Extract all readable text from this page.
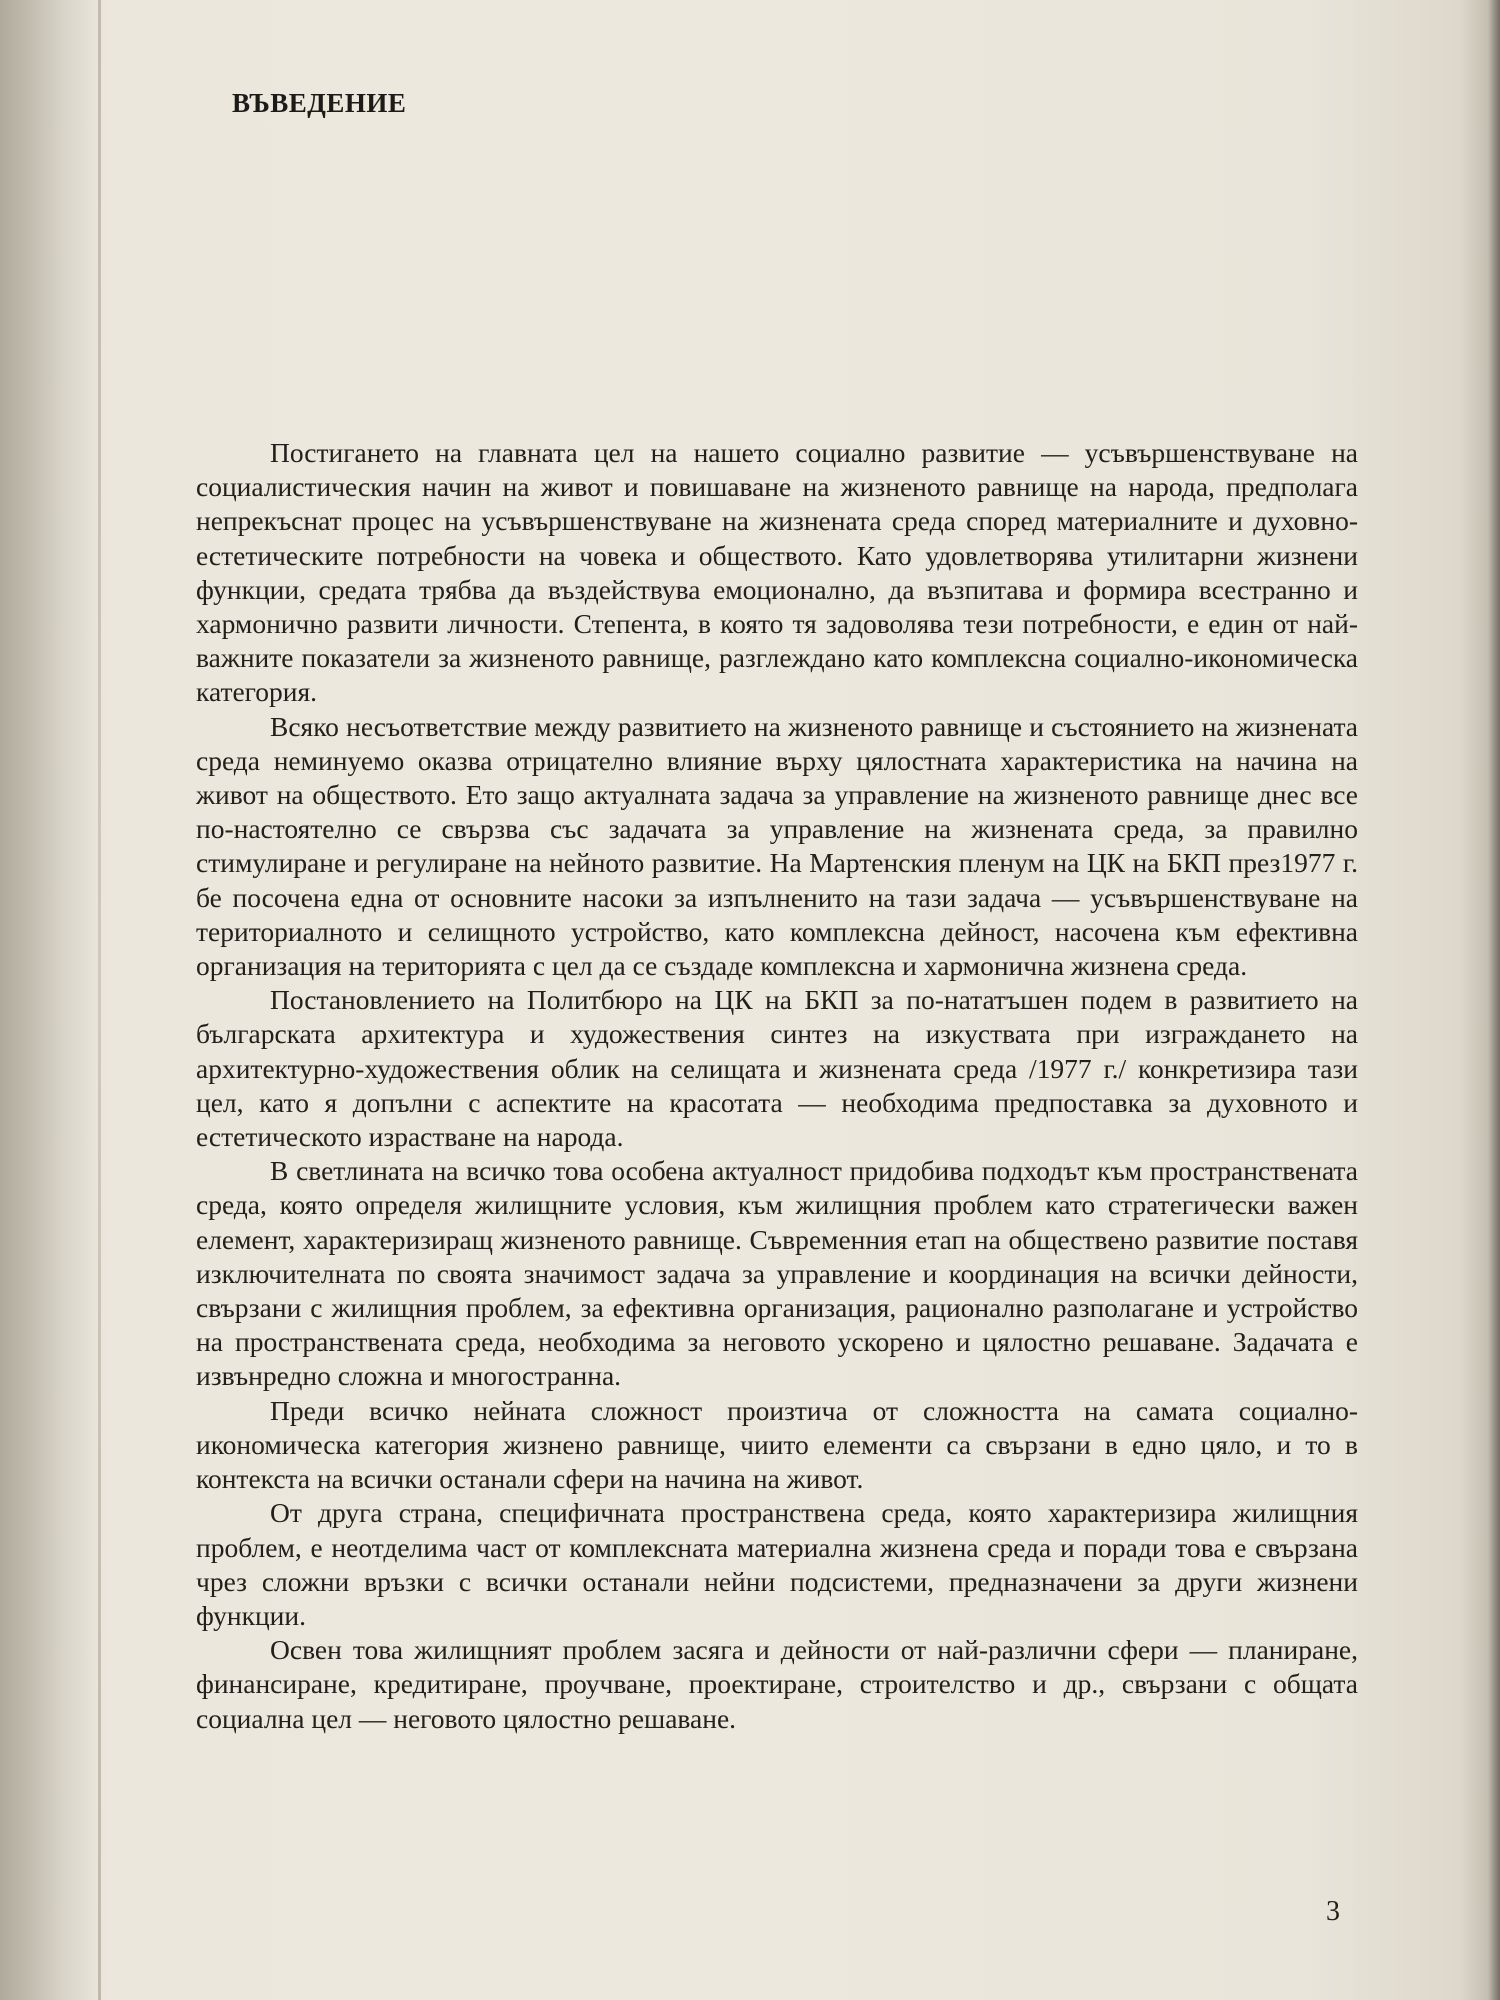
ВЪВЕДЕНИЕ

Постигането на главната цел на нашето социално развитие — усъвършенствуване на социалистическия начин на живот и повишаване на жизненото равнище на народа, предполага непрекъснат процес на усъвършенствуване на жизнената среда според материалните и духовно-естетическите потребности на човека и обществото. Като удовлетворява утилитарни жизнени функции, средата трябва да въздействува емоционално, да възпитава и формира всестранно и хармонично развити личности. Степента, в която тя задоволява тези потребности, е един от най-важните показатели за жизненото равнище, разглеждано като комплексна социално-икономическа категория.

Всяко несъответствие между развитието на жизненото равнище и състоянието на жизнената среда неминуемо оказва отрицателно влияние върху цялостната характеристика на начина на живот на обществото. Ето защо актуалната задача за управление на жизненото равнище днес все по-настоятелно се свързва със задачата за управление на жизнената среда, за правилно стимулиране и регулиране на нейното развитие. На Мартенския пленум на ЦК на БКП през1977 г. бе посочена една от основните насоки за изпълненито на тази задача — усъвършенствуване на териториалното и селищното устройство, като комплексна дейност, насочена към ефективна организация на територията с цел да се създаде комплексна и хармонична жизнена среда.

Постановлението на Политбюро на ЦК на БКП за по-нататъшен подем в развитието на българската архитектура и художествения синтез на изкуствата при изграждането на архитектурно-художествения облик на селищата и жизнената среда /1977 г./ конкретизира тази цел, като я допълни с аспектите на красотата — необходима предпоставка за духовното и естетическото израстване на народа.

В светлината на всичко това особена актуалност придобива подходът към пространствената среда, която определя жилищните условия, към жилищния проблем като стратегически важен елемент, характеризиращ жизненото равнище. Съвременния етап на обществено развитие поставя изключителната по своята значимост задача за управление и координация на всички дейности, свързани с жилищния проблем, за ефективна организация, рационално разполагане и устройство на пространствената среда, необходима за неговото ускорено и цялостно решаване. Задачата е извънредно сложна и многостранна.

Преди всичко нейната сложност произтича от сложността на самата социално-икономическа категория жизнено равнище, чиито елементи са свързани в едно цяло, и то в контекста на всички останали сфери на начина на живот.

От друга страна, специфичната пространствена среда, която характеризира жилищния проблем, е неотделима част от комплексната материална жизнена среда и поради това е свързана чрез сложни връзки с всички останали нейни подсистеми, предназначени за други жизнени функции.

Освен това жилищният проблем засяга и дейности от най-различни сфери — планиране, финансиране, кредитиране, проучване, проектиране, строителство и др., свързани с общата социална цел — неговото цялостно решаване.

3
